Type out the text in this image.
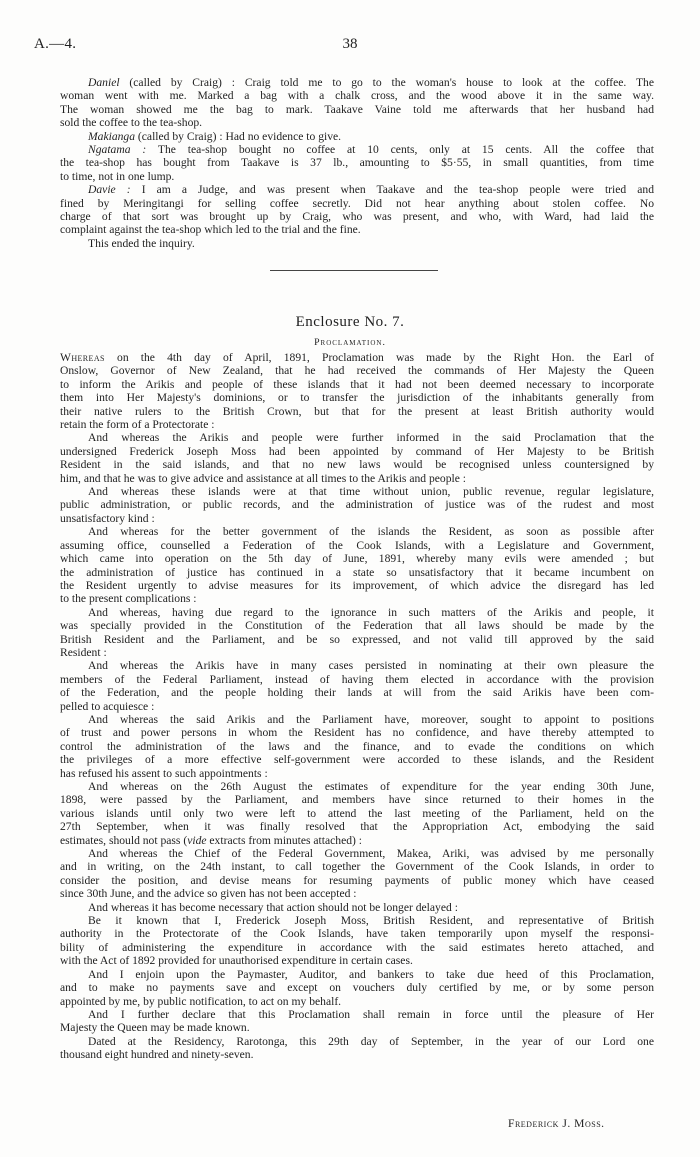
A.—4.	38

Daniel (called by Craig) : Craig told me to go to the woman's house to look at the coffee. The

woman went with me. Marked a bag with a chalk cross, and the wood above it in the same way.

The woman showed me the bag to mark. Taakave Vaine told me afterwards that her husband had

sold the coffee to the tea-shop.

Makianga (called by Craig) : Had no evidence to give.

Ngatama : The tea-shop bought no coffee at 10 cents, only at 15 cents. All the coffee that

the tea-shop has bought from Taakave is 37 lb., amounting to $5·55, in small quantities, from time

to time, not in one lump.

Davie : I am a Judge, and was present when Taakave and the tea-shop people were tried and

fined by Meringitangi for selling coffee secretly. Did not hear anything about stolen coffee. No

charge of that sort was brought up by Craig, who was present, and who, with Ward, had laid the

complaint against the tea-shop which led to the trial and the fine.

This ended the inquiry.

Enclosure No. 7.
Proclamation.

Whereas on the 4th day of April, 1891, Proclamation was made by the Right Hon. the Earl of

Onslow, Governor of New Zealand, that he had received the commands of Her Majesty the Queen

to inform the Arikis and people of these islands that it had not been deemed necessary to incorporate

them into Her Majesty's dominions, or to transfer the jurisdiction of the inhabitants generally from

their native rulers to the British Crown, but that for the present at least British authority would

retain the form of a Protectorate :

And whereas the Arikis and people were further informed in the said Proclamation that the

undersigned Frederick Joseph Moss had been appointed by command of Her Majesty to be British

Resident in the said islands, and that no new laws would be recognised unless countersigned by

him, and that he was to give advice and assistance at all times to the Arikis and people :

And whereas these islands were at that time without union, public revenue, regular legislature,

public administration, or public records, and the administration of justice was of the rudest and most

unsatisfactory kind :

And whereas for the better government of the islands the Resident, as soon as possible after

assuming office, counselled a Federation of the Cook Islands, with a Legislature and Government,

which came into operation on the 5th day of June, 1891, whereby many evils were amended ; but

the administration of justice has continued in a state so unsatisfactory that it became incumbent on

the Resident urgently to advise measures for its improvement, of which advice the disregard has led

to the present complications :

And whereas, having due regard to the ignorance in such matters of the Arikis and people, it

was specially provided in the Constitution of the Federation that all laws should be made by the

British Resident and the Parliament, and be so expressed, and not valid till approved by the said

Resident :

And whereas the Arikis have in many cases persisted in nominating at their own pleasure the

members of the Federal Parliament, instead of having them elected in accordance with the provision

of the Federation, and the people holding their lands at will from the said Arikis have been com-

pelled to acquiesce :

And whereas the said Arikis and the Parliament have, moreover, sought to appoint to positions

of trust and power persons in whom the Resident has no confidence, and have thereby attempted to

control the administration of the laws and the finance, and to evade the conditions on which

the privileges of a more effective self-government were accorded to these islands, and the Resident

has refused his assent to such appointments :

And whereas on the 26th August the estimates of expenditure for the year ending 30th June,

1898, were passed by the Parliament, and members have since returned to their homes in the

various islands until only two were left to attend the last meeting of the Parliament, held on the

27th September, when it was finally resolved that the Appropriation Act, embodying the said

estimates, should not pass (vide extracts from minutes attached) :

And whereas the Chief of the Federal Government, Makea, Ariki, was advised by me personally

and in writing, on the 24th instant, to call together the Government of the Cook Islands, in order to

consider the position, and devise means for resuming payments of public money which have ceased

since 30th June, and the advice so given has not been accepted :

And whereas it has become necessary that action should not be longer delayed :

Be it known that I, Frederick Joseph Moss, British Resident, and representative of British

authority in the Protectorate of the Cook Islands, have taken temporarily upon myself the responsi-

bility of administering the expenditure in accordance with the said estimates hereto attached, and

with the Act of 1892 provided for unauthorised expenditure in certain cases.

And I enjoin upon the Paymaster, Auditor, and bankers to take due heed of this Proclamation,

and to make no payments save and except on vouchers duly certified by me, or by some person

appointed by me, by public notification, to act on my behalf.

And I further declare that this Proclamation shall remain in force until the pleasure of Her

Majesty the Queen may be made known.

Dated at the Residency, Rarotonga, this 29th day of September, in the year of our Lord one

thousand eight hundred and ninety-seven.

Frederick J. Moss.
